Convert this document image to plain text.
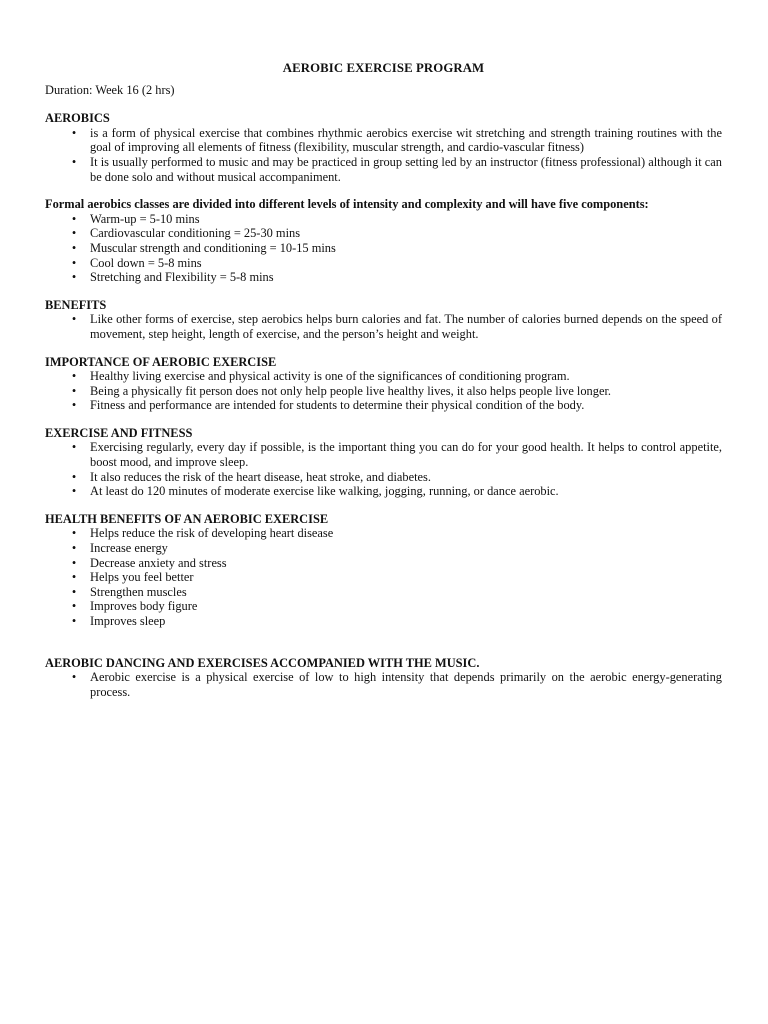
AEROBIC EXERCISE PROGRAM
Duration: Week 16 (2 hrs)
AEROBICS
• is a form of physical exercise that combines rhythmic aerobics exercise wit stretching and strength training routines with the goal of improving all elements of fitness (flexibility, muscular strength, and cardio-vascular fitness)
• It is usually performed to music and may be practiced in group setting led by an instructor (fitness professional) although it can be done solo and without musical accompaniment.
Formal aerobics classes are divided into different levels of intensity and complexity and will have five components:
• Warm-up = 5-10 mins
• Cardiovascular conditioning = 25-30 mins
• Muscular strength and conditioning = 10-15 mins
• Cool down = 5-8 mins
• Stretching and Flexibility = 5-8 mins
BENEFITS
• Like other forms of exercise, step aerobics helps burn calories and fat. The number of calories burned depends on the speed of movement, step height, length of exercise, and the person’s height and weight.
IMPORTANCE OF AEROBIC EXERCISE
• Healthy living exercise and physical activity is one of the significances of conditioning program.
• Being a physically fit person does not only help people live healthy lives, it also helps people live longer.
• Fitness and performance are intended for students to determine their physical condition of the body.
EXERCISE AND FITNESS
• Exercising regularly, every day if possible, is the important thing you can do for your good health. It helps to control appetite, boost mood, and improve sleep.
• It also reduces the risk of the heart disease, heat stroke, and diabetes.
• At least do 120 minutes of moderate exercise like walking, jogging, running, or dance aerobic.
HEALTH BENEFITS OF AN AEROBIC EXERCISE
• Helps reduce the risk of developing heart disease
• Increase energy
• Decrease anxiety and stress
• Helps you feel better
• Strengthen muscles
• Improves body figure
• Improves sleep
AEROBIC DANCING AND EXERCISES ACCOMPANIED WITH THE MUSIC.
• Aerobic exercise is a physical exercise of low to high intensity that depends primarily on the aerobic energy-generating process.
